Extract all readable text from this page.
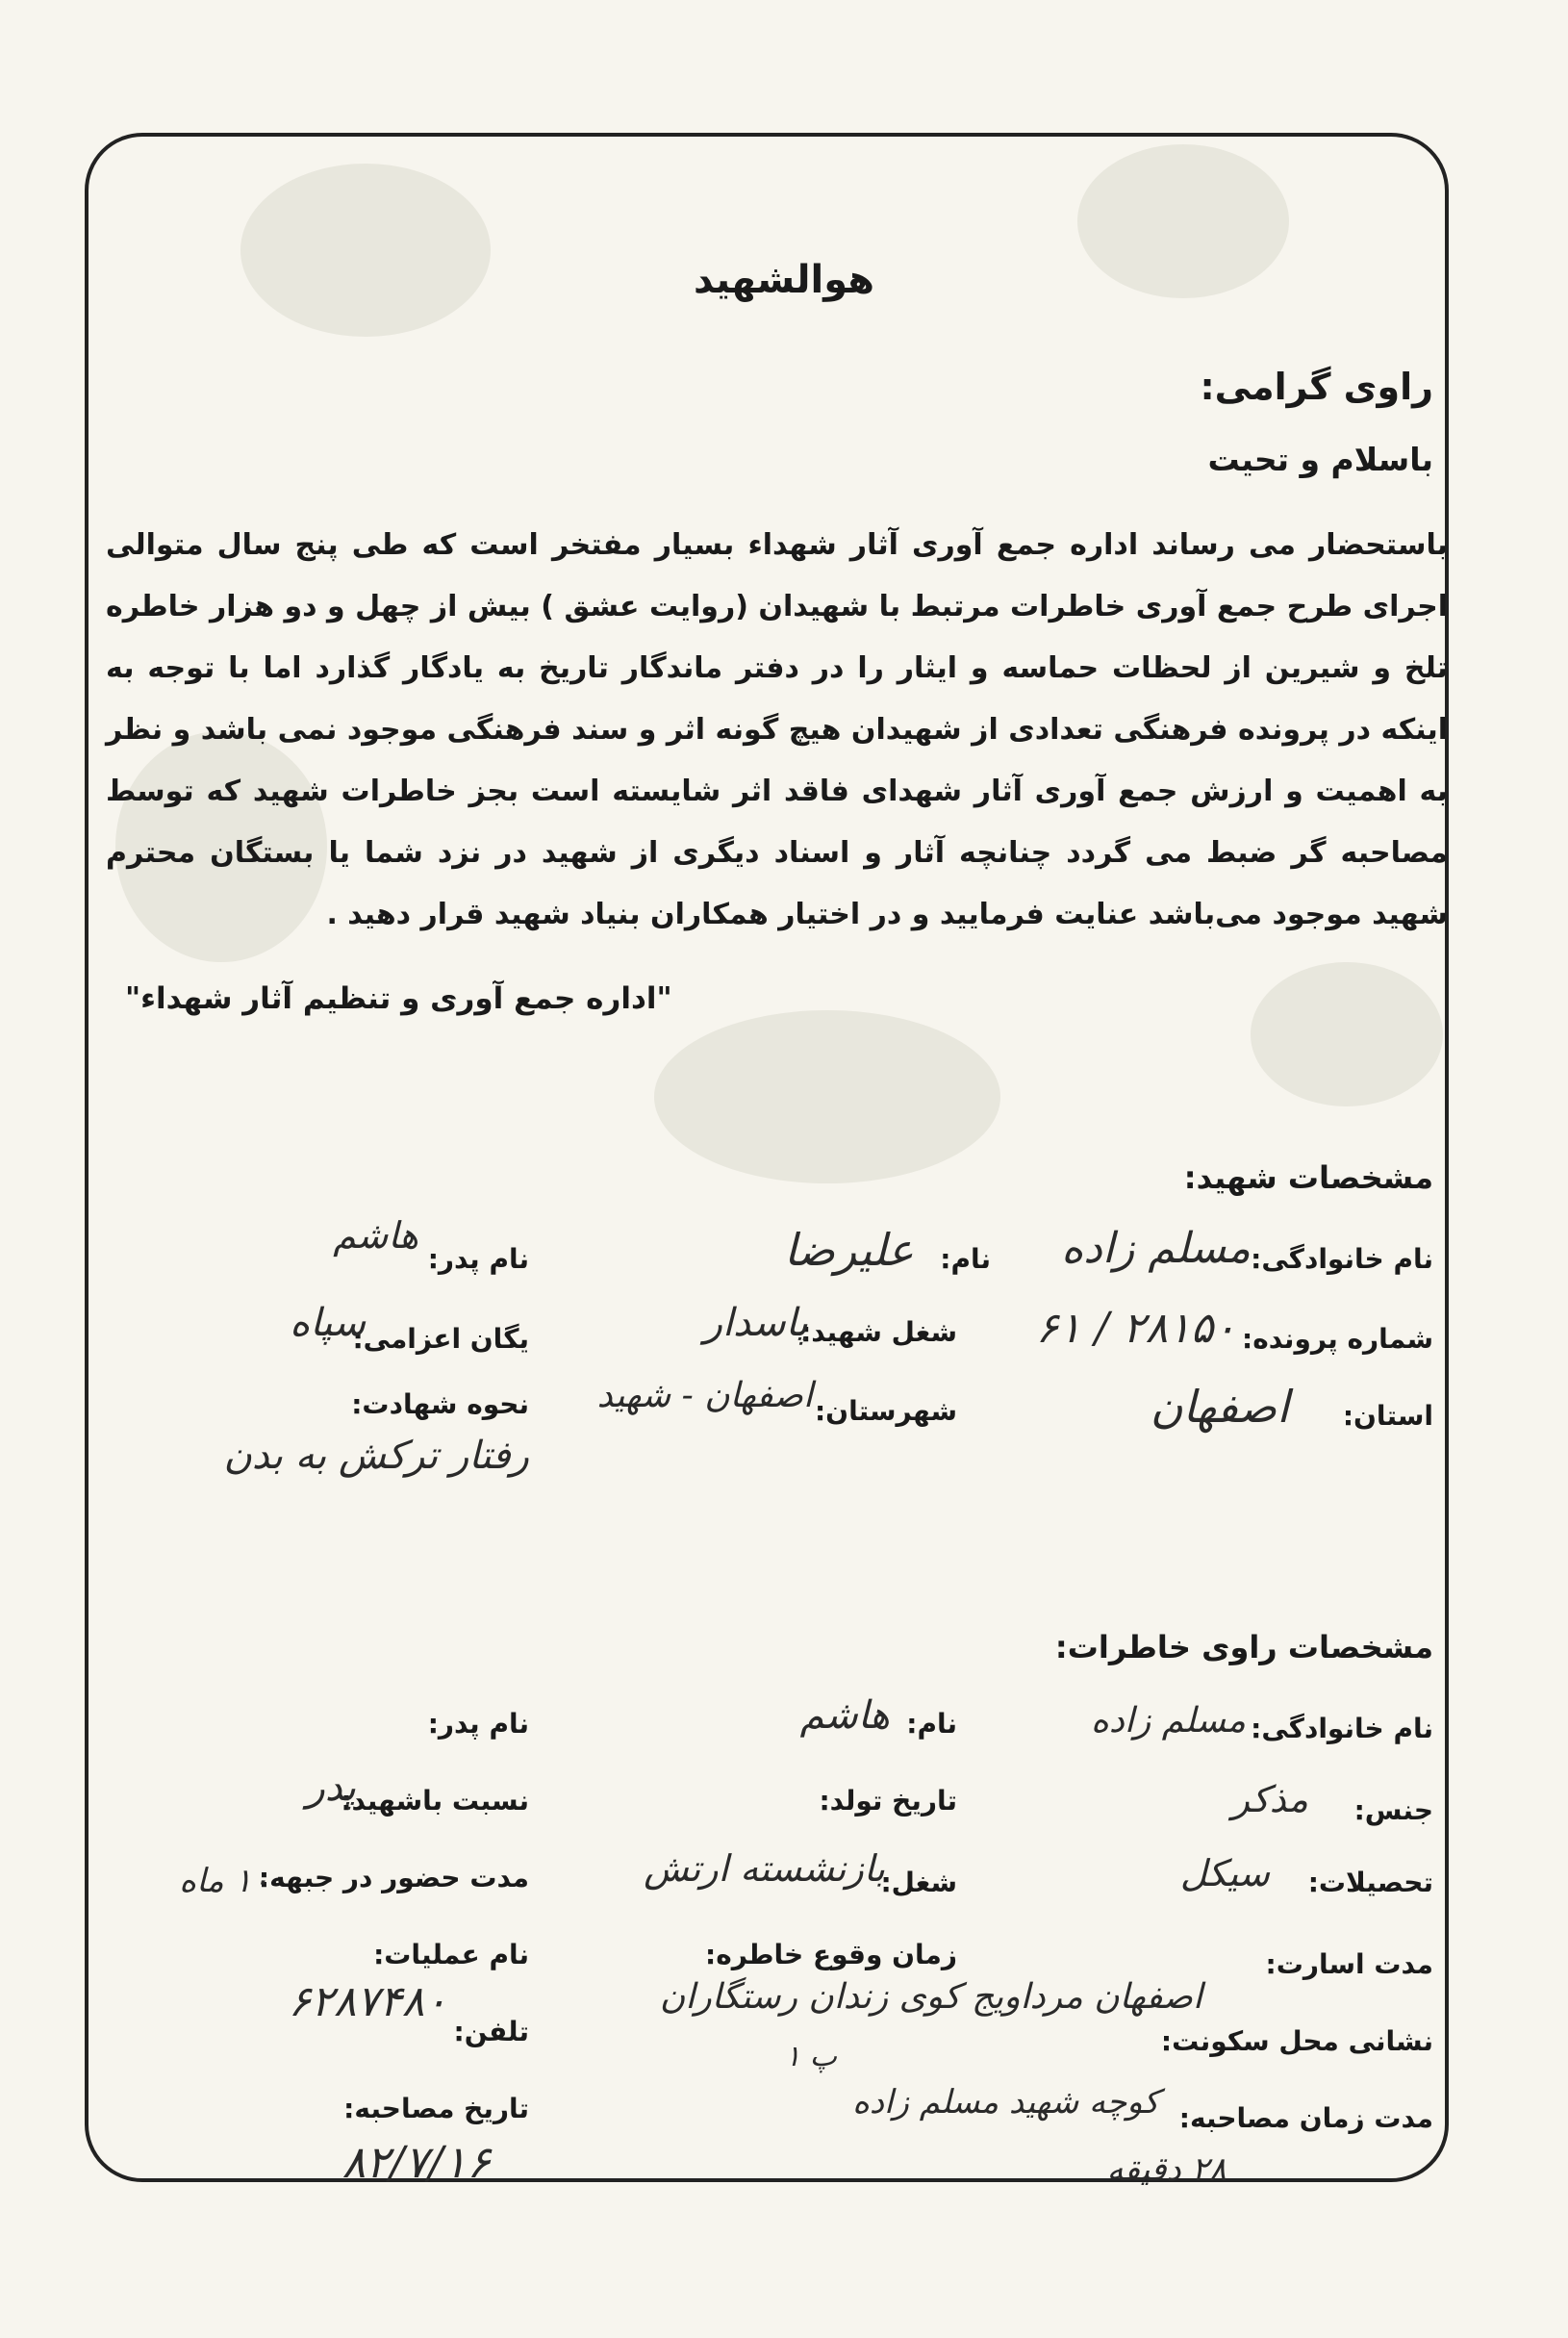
هوالشهید
راوی گرامی:
باسلام و تحیت
باستحضار می رساند اداره جمع آوری آثار شهداء بسیار مفتخر است که طی پنج سال متوالی اجرای طرح جمع آوری خاطرات مرتبط با شهیدان (روایت عشق ) بیش از چهل و دو هزار خاطره تلخ و شیرین از لحظات حماسه و ایثار را در دفتر ماندگار تاریخ به یادگار گذارد اما با توجه به اینکه در پرونده فرهنگی تعدادی از شهیدان هیچ گونه اثر و سند فرهنگی موجود نمی باشد و نظر به اهمیت و ارزش جمع آوری آثار شهدای فاقد اثر شایسته است بجز خاطرات شهید که توسط مصاحبه گر ضبط می گردد چنانچه آثار و اسناد دیگری از شهید در نزد شما یا بستگان محترم شهید موجود می‌باشد عنایت فرمایید و در اختیار همکاران بنیاد شهید قرار دهید .
"اداره جمع آوری و تنظیم آثار شهداء"
مشخصات شهید:
نام خانوادگی:
مسلم زاده
نام:
علیرضا
نام پدر:
هاشم
شماره پرونده:
۲۸۱۵۰ / ۶۱
شغل شهید:
پاسدار
یگان اعزامی:
سپاه
استان:
اصفهان
شهرستان:
اصفهان - شهید
نحوه شهادت:
رفتار ترکش به بدن
مشخصات راوی خاطرات:
نام خانوادگی:
مسلم زاده
نام:
هاشم
نام پدر:
جنس:
مذکر
تاریخ تولد:
نسبت باشهید:
پدر
تحصیلات:
سیکل
شغل:
بازنشسته ارتش
مدت حضور در جبهه:
۱۰ ماه
مدت اسارت:
زمان وقوع خاطره:
نام عملیات:
نشانی محل سکونت:
اصفهان مرداویج کوی زندان رستگاران
تلفن:
۶۲۸۷۴۸۰
مدت زمان مصاحبه:
کوچه شهید مسلم زاده
پ ۱
۲۸ دقیقه
تاریخ مصاحبه:
۸۲/۷/۱۶
